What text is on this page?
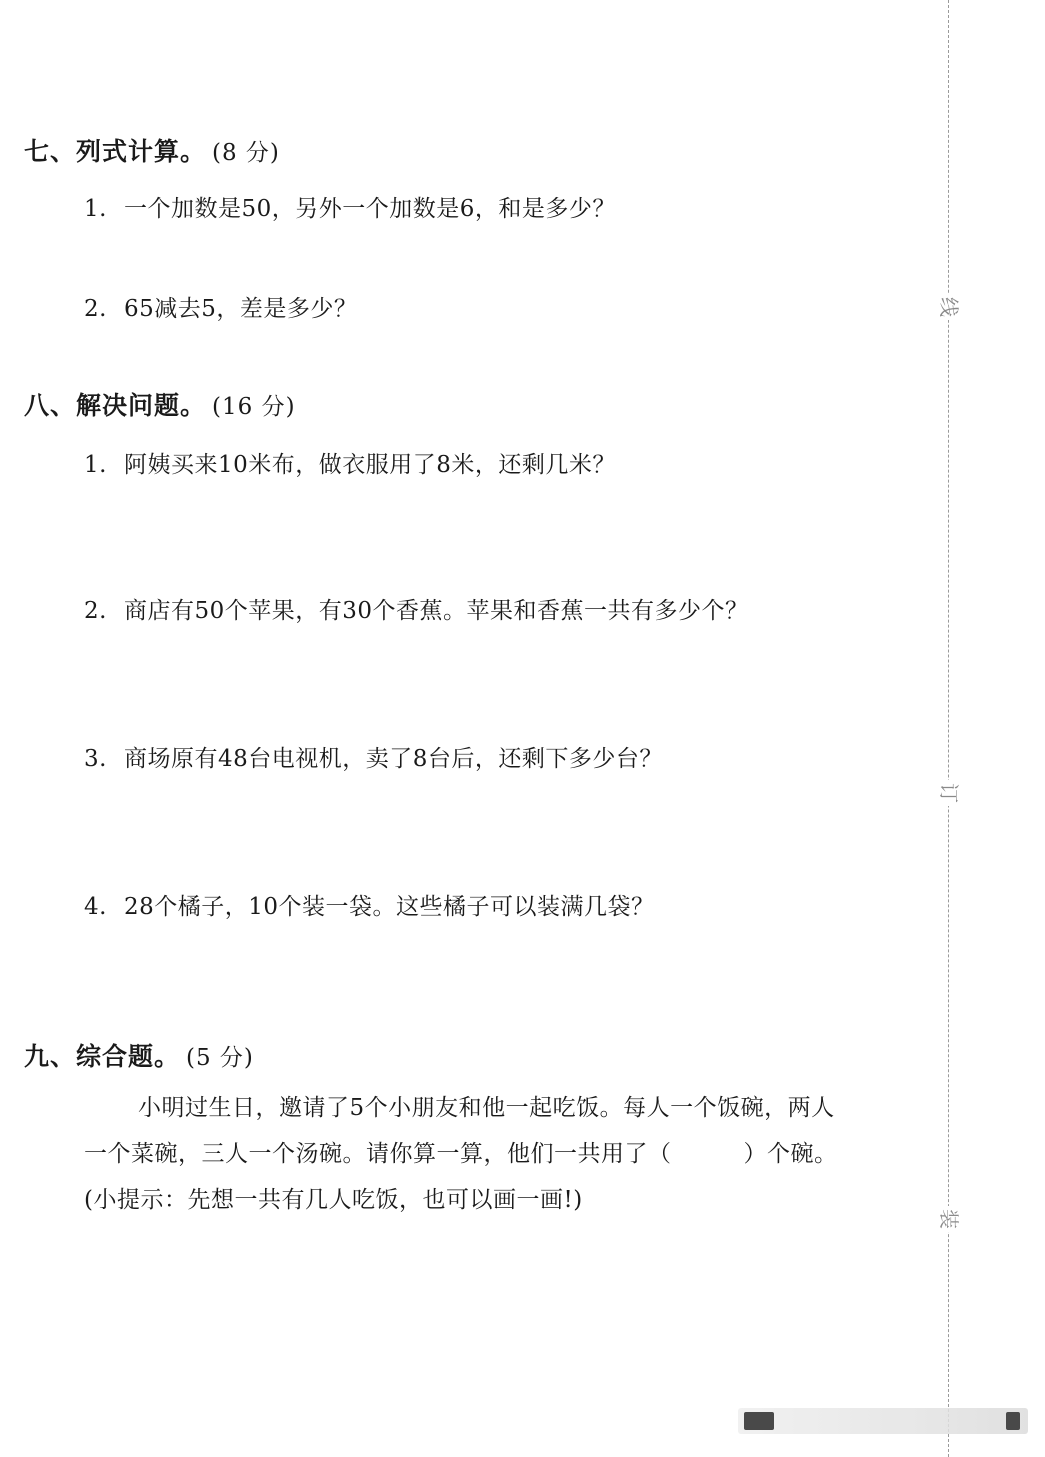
七、列式计算。 (8 分)
1. 一个加数是50，另外一个加数是6，和是多少？
2. 65减去5，差是多少？
八、解决问题。 (16 分)
1. 阿姨买来10米布，做衣服用了8米，还剩几米？
2. 商店有50个苹果，有30个香蕉。苹果和香蕉一共有多少个？
3. 商场原有48台电视机，卖了8台后，还剩下多少台？
4. 28个橘子，10个装一袋。这些橘子可以装满几袋？
九、综合题。 (5 分)
小明过生日，邀请了5个小朋友和他一起吃饭。每人一个饭碗，两人
一个菜碗，三人一个汤碗。请你算一算，他们一共用了（	）个碗。
(小提示：先想一共有几人吃饭，也可以画一画!)
线
订
装
